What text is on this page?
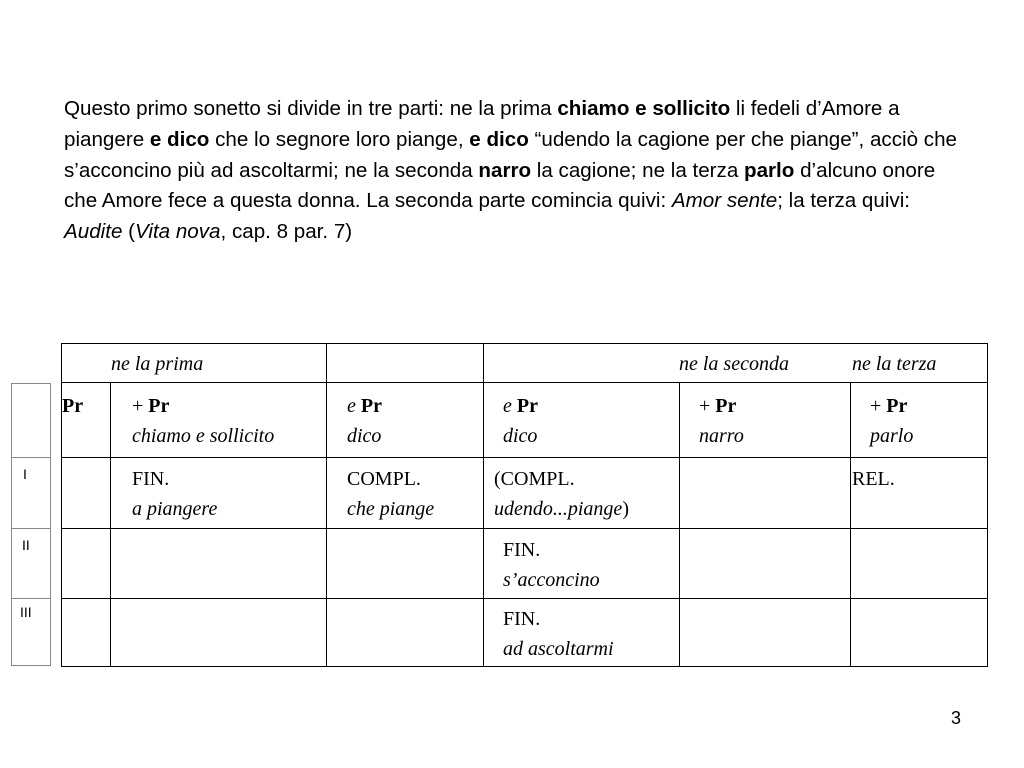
Questo primo sonetto si divide in tre parti: ne la prima chiamo e sollicito li fedeli d’Amore a piangere e dico che lo segnore loro piange, e dico “udendo la cagione per che piange”, acciò che s’acconcino più ad ascoltarmi; ne la seconda narro la cagione; ne la terza parlo d’alcuno onore che Amore fece a questa donna. La seconda parte comincia quivi: Amor sente; la terza quivi: Audite (Vita nova, cap. 8 par. 7)
I
II
III
ne la prima	ne la seconda	ne la terza
Pr + Pr
chiamo e sollicito
e Pr
dico
e Pr
dico
+ Pr
narro
+ Pr
parlo
FIN.
a piangere
COMPL.
che piange
(COMPL.
udendo...piange)
REL.
FIN.
s’acconcino
FIN.
ad ascoltarmi
3
